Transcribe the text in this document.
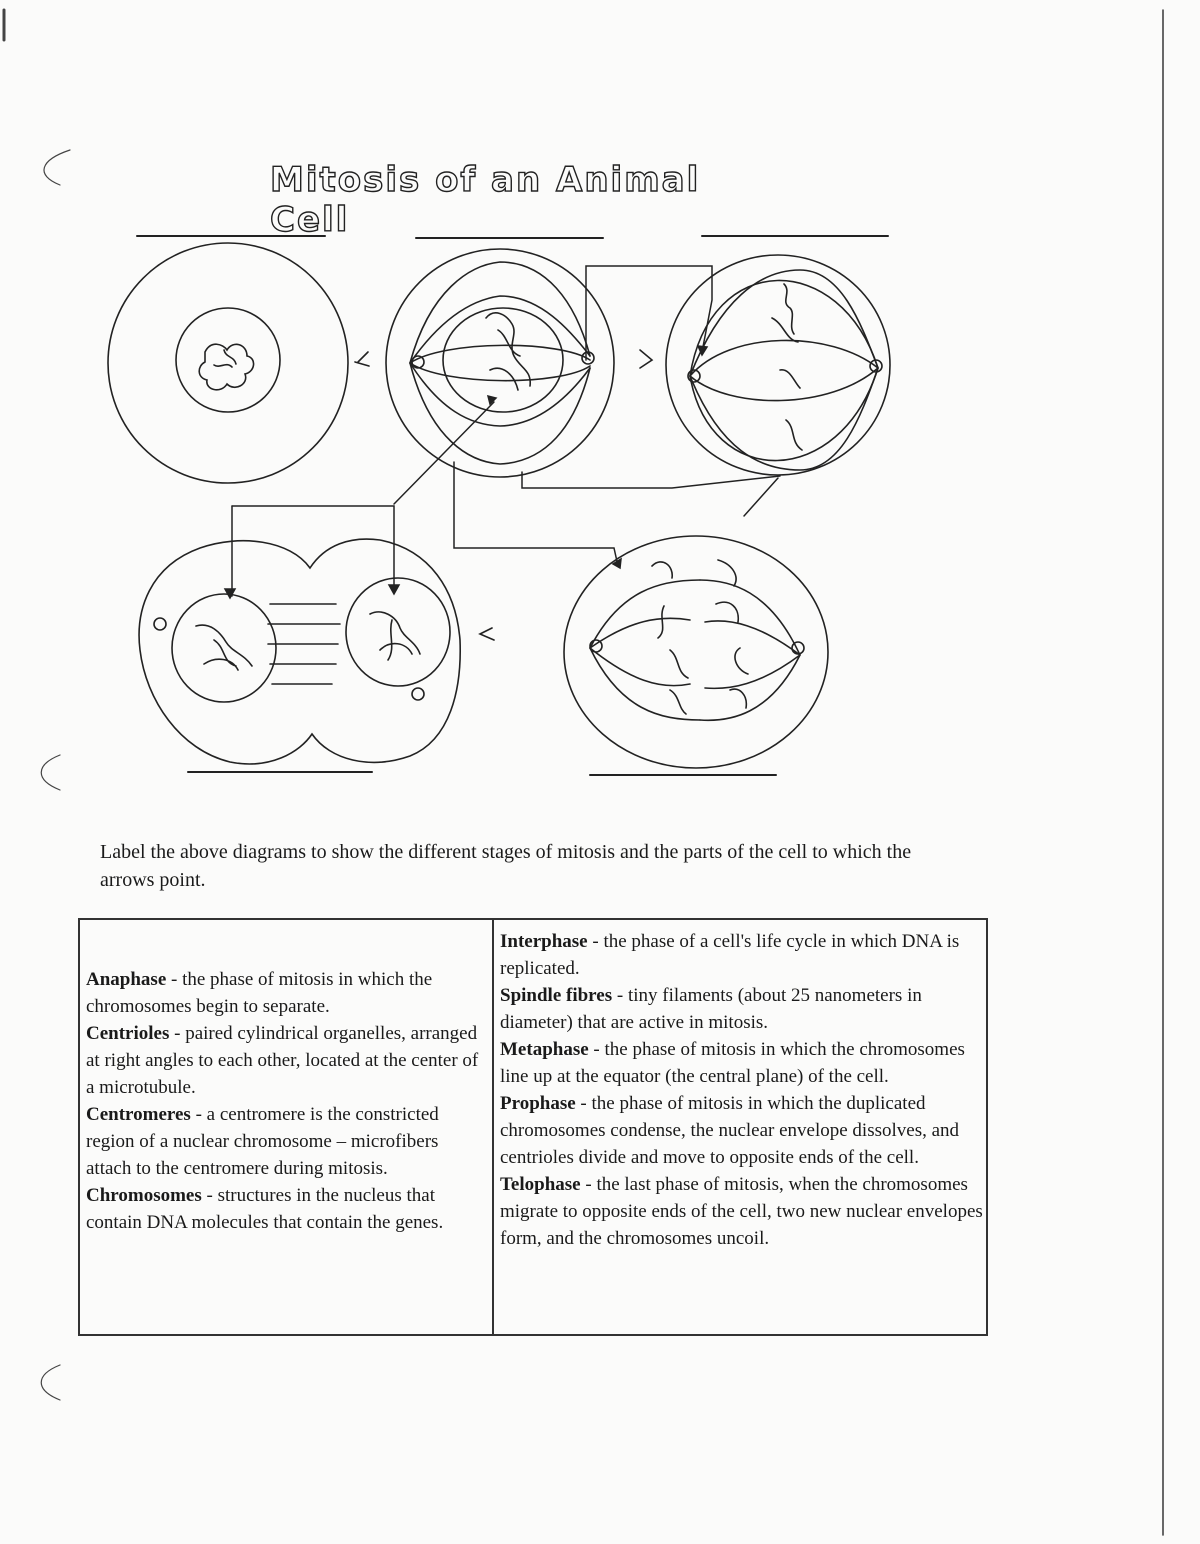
Mitosis of an Animal Cell
Label the above diagrams to show the different stages of mitosis and the parts of the cell to which the arrows point.

Anaphase - the phase of mitosis in which the chromosomes begin to separate.

Centrioles - paired cylindrical organelles, arranged at right angles to each other, located at the center of a microtubule.

Centromeres - a centromere is the constricted region of a nuclear chromosome – microfibers attach to the centromere during mitosis.

Chromosomes - structures in the nucleus that contain DNA molecules that contain the genes.

Interphase - the phase of a cell's life cycle in which DNA is replicated.

Spindle fibres - tiny filaments (about 25 nanometers in diameter) that are active in mitosis.

Metaphase - the phase of mitosis in which the chromosomes line up at the equator (the central plane) of the cell.

Prophase - the phase of mitosis in which the duplicated chromosomes condense, the nuclear envelope dissolves, and centrioles divide and move to opposite ends of the cell.

Telophase - the last phase of mitosis, when the chromosomes migrate to opposite ends of the cell, two new nuclear envelopes form, and the chromosomes uncoil.
